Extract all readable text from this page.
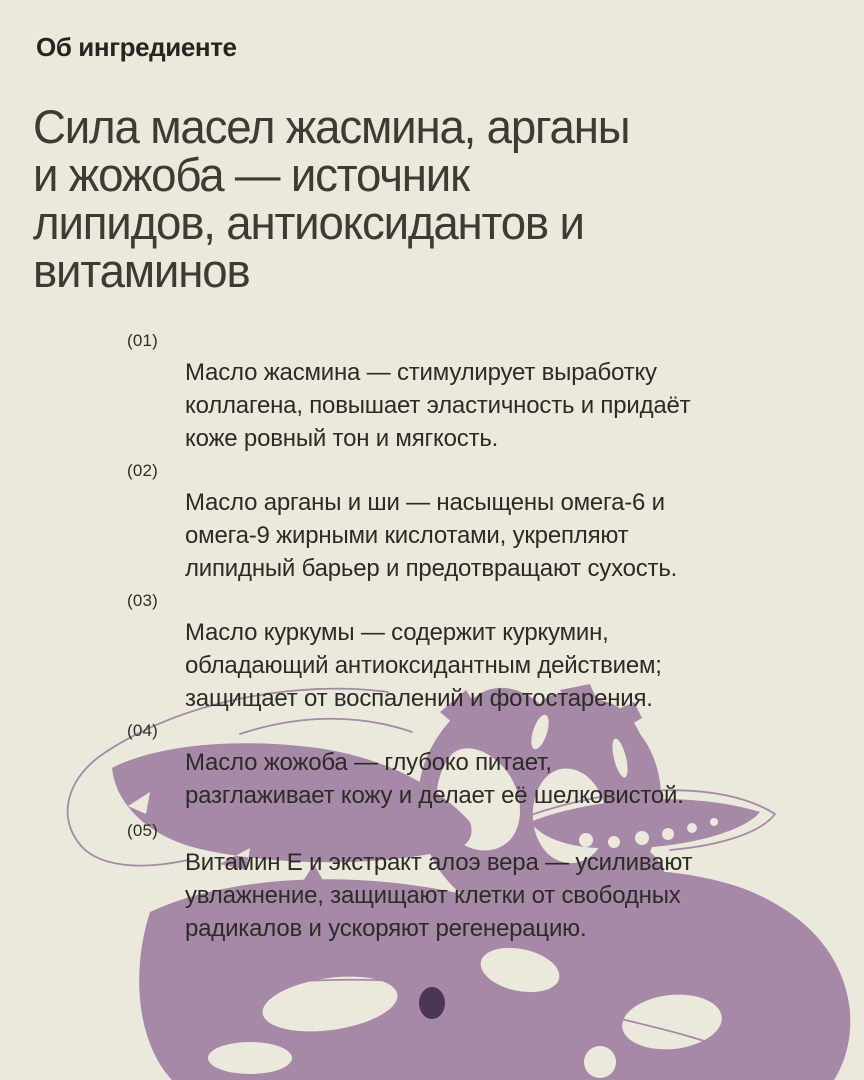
Об ингредиенте
Сила масел жасмина, арганы
и жожоба — источник
липидов, антиоксидантов и
витаминов
(01)
Масло жасмина — стимулирует выработку
коллагена, повышает эластичность и придаёт
коже ровный тон и мягкость.
(02)
Масло арганы и ши — насыщены омега-6 и
омега-9 жирными кислотами, укрепляют
липидный барьер и предотвращают сухость.
(03)
Масло куркумы — содержит куркумин,
обладающий антиоксидантным действием;
защищает от воспалений и фотостарения.
(04)
Масло жожоба — глубоко питает,
разглаживает кожу и делает её шелковистой.
(05)
Витамин Е и экстракт алоэ вера — усиливают
увлажнение, защищают клетки от свободных
радикалов и ускоряют регенерацию.
